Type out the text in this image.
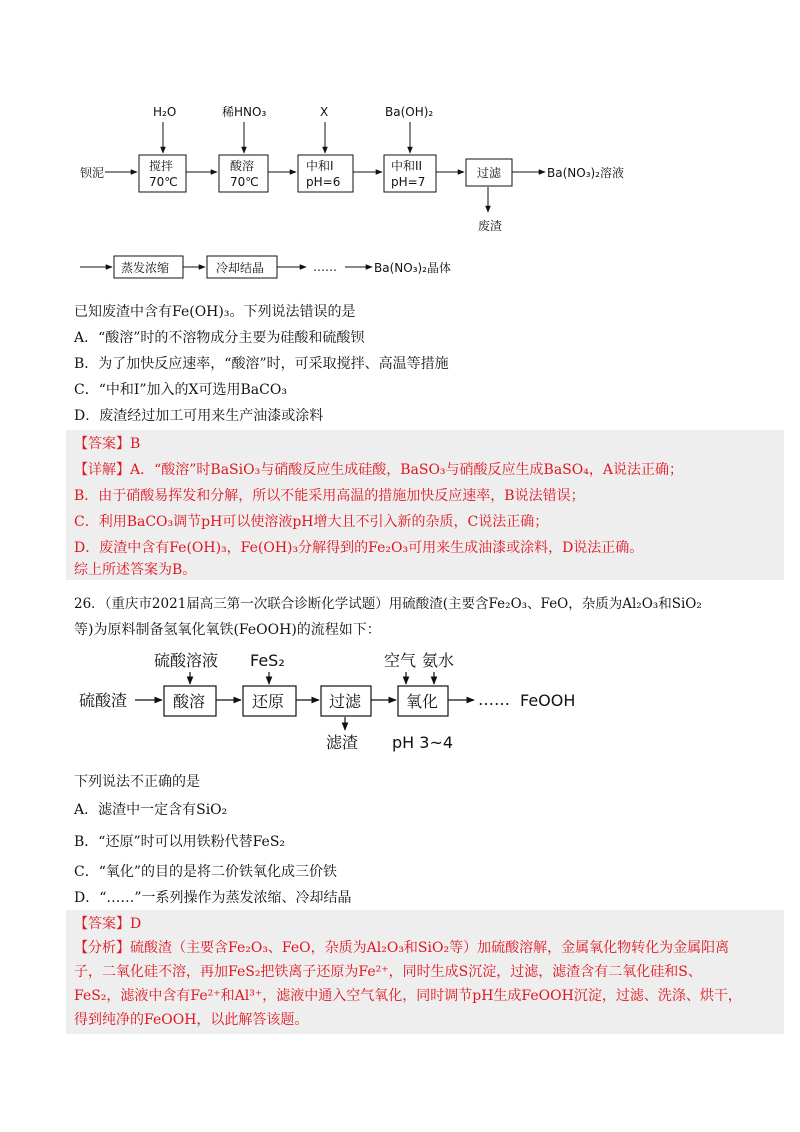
钡泥
H₂O	稀HNO₃	X	Ba(OH)₂
搅拌
70℃
酸溶
70℃
中和I
pH=6
中和II
pH=7
过滤	Ba(NO₃)₂溶液
废渣
蒸发浓缩	冷却结晶	……	Ba(NO₃)₂晶体
已知废渣中含有Fe(OH)₃。下列说法错误的是
A．“酸溶”时的不溶物成分主要为硅酸和硫酸钡
B．为了加快反应速率，“酸溶”时，可采取搅拌、高温等措施
C．“中和Ⅰ”加入的X可选用BaCO₃
D．废渣经过加工可用来生产油漆或涂料
【答案】B
【详解】A．“酸溶”时BaSiO₃与硝酸反应生成硅酸，BaSO₃与硝酸反应生成BaSO₄，A说法正确；
B．由于硝酸易挥发和分解，所以不能采用高温的措施加快反应速率，B说法错误；
C．利用BaCO₃调节pH可以使溶液pH增大且不引入新的杂质，C说法正确；
D．废渣中含有Fe(OH)₃，Fe(OH)₃分解得到的Fe₂O₃可用来生成油漆或涂料，D说法正确。
综上所述答案为B。
26．（重庆市2021届高三第一次联合诊断化学试题）用硫酸渣(主要含Fe₂O₃、FeO，杂质为Al₂O₃和SiO₂
等)为原料制备氢氧化氧铁(FeOOH)的流程如下：
硫酸渣	酸溶	还原	过滤	氧化
硫酸溶液 FeS₂	空气 氨水
滤渣 pH 3~4
…… FeOOH
下列说法不正确的是
A．滤渣中一定含有SiO₂
B．“还原”时可以用铁粉代替FeS₂
C．“氧化”的目的是将二价铁氧化成三价铁
D．“……”一系列操作为蒸发浓缩、冷却结晶
【答案】D
【分析】硫酸渣（主要含Fe₂O₃、FeO，杂质为Al₂O₃和SiO₂等）加硫酸溶解，金属氧化物转化为金属阳离
子，二氧化硅不溶，再加FeS₂把铁离子还原为Fe²⁺，同时生成S沉淀，过滤，滤渣含有二氧化硅和S、
FeS₂，滤液中含有Fe²⁺和Al³⁺，滤液中通入空气氧化，同时调节pH生成FeOOH沉淀，过滤、洗涤、烘干，
得到纯净的FeOOH，以此解答该题。
